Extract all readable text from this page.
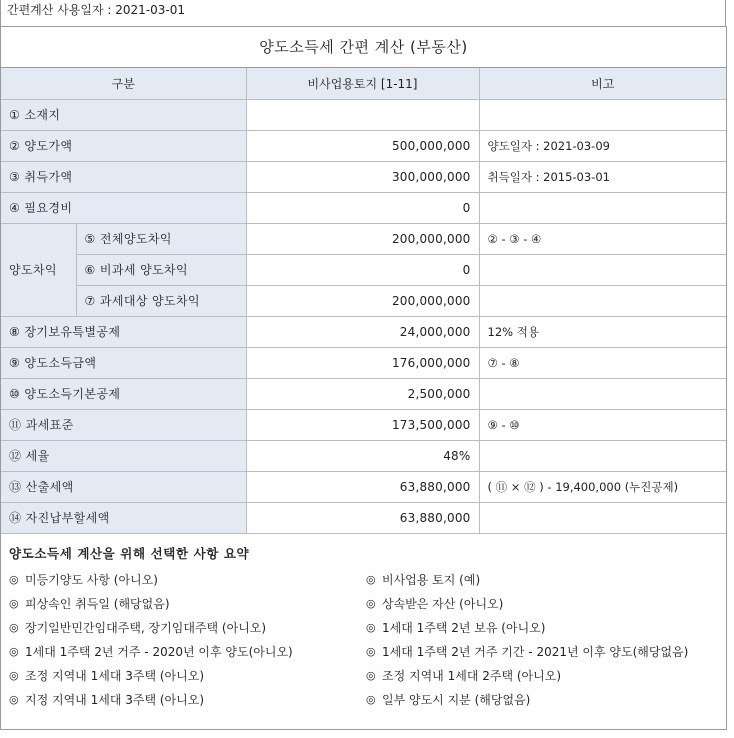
간편계산 사용일자 : 2021-03-01
양도소득세 간편 계산 (부동산)
구분		비사업용토지 [1-11]	비고
① 소재지			
② 양도가액		500,000,000	양도일자 : 2021-03-09
③ 취득가액		300,000,000	취득일자 : 2015-03-01
④ 필요경비		0	
양도차익	⑤ 전체양도차익	200,000,000	② - ③ - ④
	⑥ 비과세 양도차익	0	
	⑦ 과세대상 양도차익	200,000,000	
⑧ 장기보유특별공제		24,000,000	12% 적용
⑨ 양도소득금액		176,000,000	⑦ - ⑧
⑩ 양도소득기본공제		2,500,000	
⑪ 과세표준		173,500,000	⑨ - ⑩
⑫ 세율		48%	
⑬ 산출세액		63,880,000	( ⑪ × ⑫ ) - 19,400,000 (누진공제)
⑭ 자진납부할세액		63,880,000	
양도소득세 계산을 위해 선택한 사항 요약
◎ 미등기양도 사항 (아니오)	◎ 비사업용 토지 (예)
◎ 피상속인 취득일 (해당없음)	◎ 상속받은 자산 (아니오)
◎ 장기일반민간임대주택, 장기임대주택 (아니오)	◎ 1세대 1주택 2년 보유 (아니오)
◎ 1세대 1주택 2년 거주 - 2020년 이후 양도(아니오)	◎ 1세대 1주택 2년 거주 기간 - 2021년 이후 양도(해당없음)
◎ 조정 지역내 1세대 3주택 (아니오)	◎ 조정 지역내 1세대 2주택 (아니오)
◎ 지정 지역내 1세대 3주택 (아니오)	◎ 일부 양도시 지분 (해당없음)
